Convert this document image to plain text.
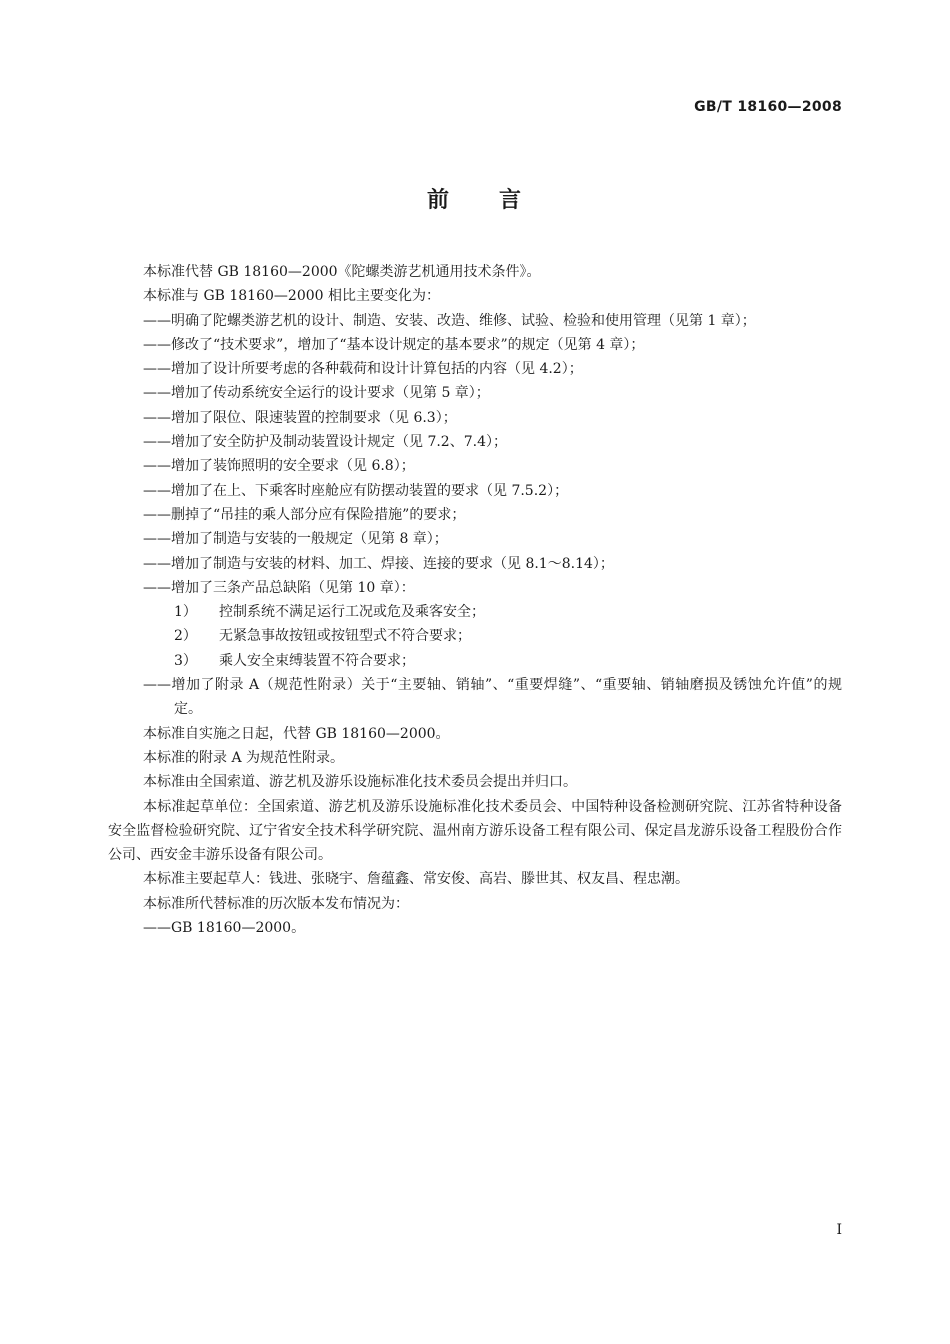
GB/T 18160—2008
前　　言

本标准代替 GB 18160—2000《陀螺类游艺机通用技术条件》。

本标准与 GB 18160—2000 相比主要变化为：

——明确了陀螺类游艺机的设计、制造、安装、改造、维修、试验、检验和使用管理（见第 1 章）；

——修改了“技术要求”，增加了“基本设计规定的基本要求”的规定（见第 4 章）；

——增加了设计所要考虑的各种载荷和设计计算包括的内容（见 4.2）；

——增加了传动系统安全运行的设计要求（见第 5 章）；

——增加了限位、限速装置的控制要求（见 6.3）；

——增加了安全防护及制动装置设计规定（见 7.2、7.4）；

——增加了装饰照明的安全要求（见 6.8）；

——增加了在上、下乘客时座舱应有防摆动装置的要求（见 7.5.2）；

——删掉了“吊挂的乘人部分应有保险措施”的要求；

——增加了制造与安装的一般规定（见第 8 章）；

——增加了制造与安装的材料、加工、焊接、连接的要求（见 8.1～8.14）；

——增加了三条产品总缺陷（见第 10 章）：

1） 控制系统不满足运行工况或危及乘客安全；

2） 无紧急事故按钮或按钮型式不符合要求；

3） 乘人安全束缚装置不符合要求；

——增加了附录 A（规范性附录）关于“主要轴、销轴”、“重要焊缝”、“重要轴、销轴磨损及锈蚀允许值”的规定。

本标准自实施之日起，代替 GB 18160—2000。

本标准的附录 A 为规范性附录。

本标准由全国索道、游艺机及游乐设施标准化技术委员会提出并归口。

本标准起草单位：全国索道、游艺机及游乐设施标准化技术委员会、中国特种设备检测研究院、江苏省特种设备安全监督检验研究院、辽宁省安全技术科学研究院、温州南方游乐设备工程有限公司、保定昌龙游乐设备工程股份合作公司、西安金丰游乐设备有限公司。

本标准主要起草人：钱进、张晓宇、詹蕴鑫、常安俊、高岩、滕世其、权友昌、程忠潮。

本标准所代替标准的历次版本发布情况为：

——GB 18160—2000。

I
